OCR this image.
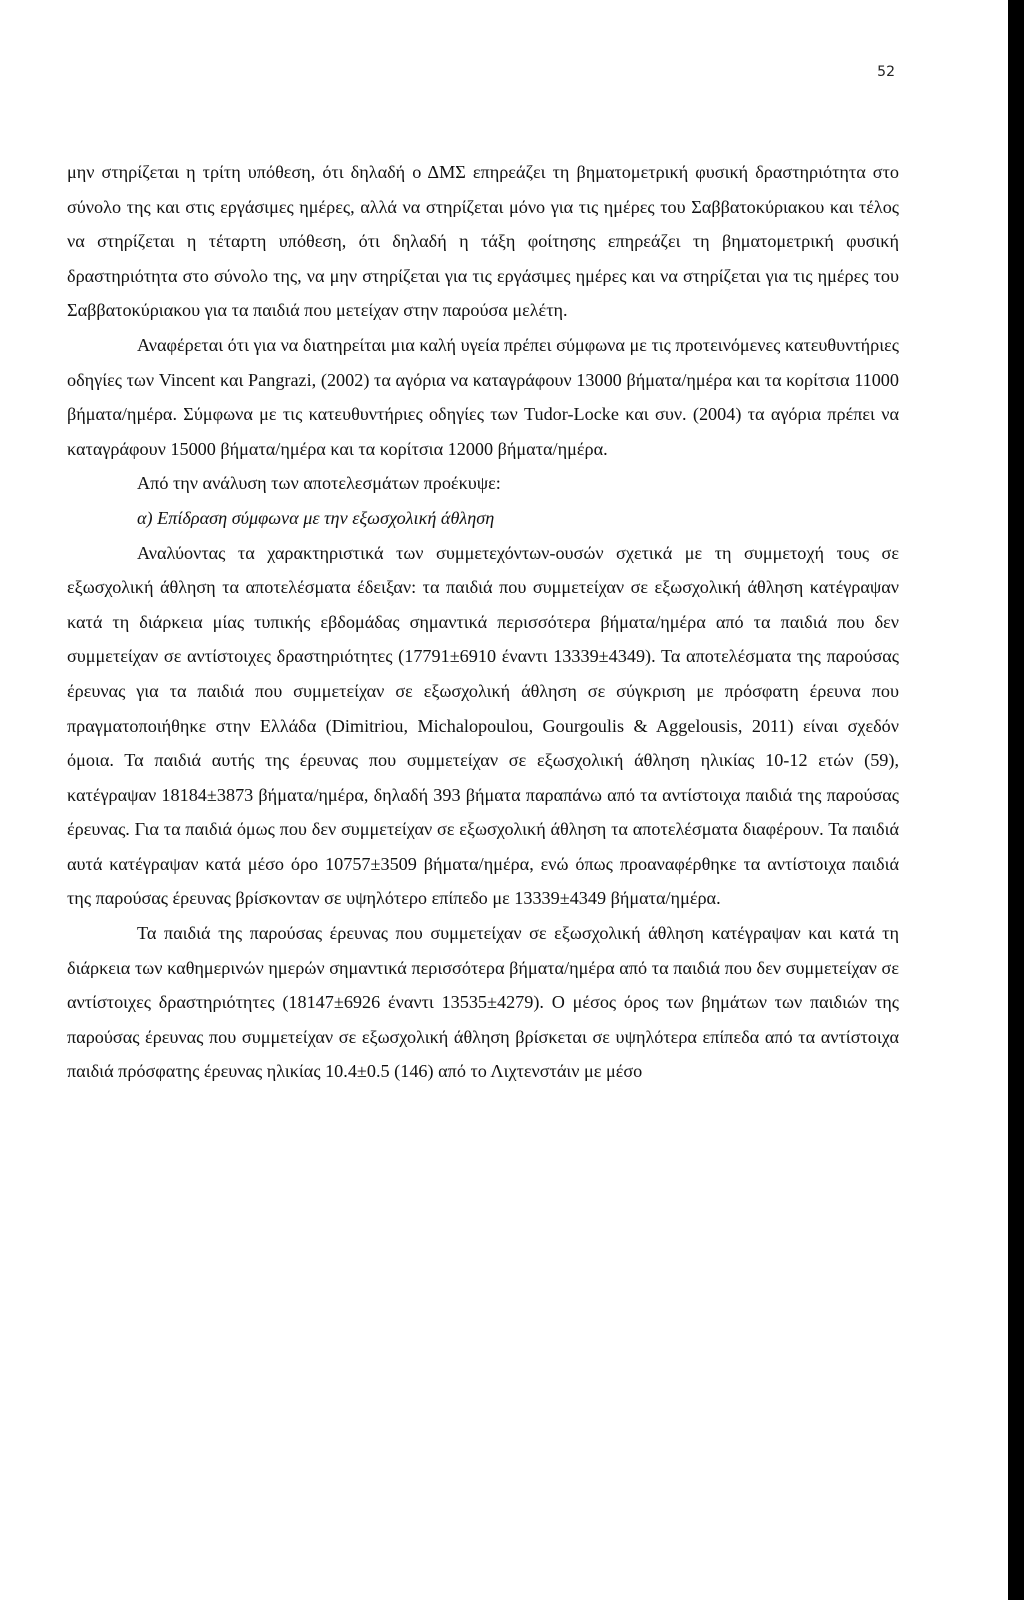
52

μην στηρίζεται η τρίτη υπόθεση, ότι δηλαδή ο ΔΜΣ επηρεάζει τη βηματομετρική φυσική δραστηριότητα στο σύνολο της και στις εργάσιμες ημέρες, αλλά να στηρίζεται μόνο για τις ημέρες του Σαββατοκύριακου και τέλος να στηρίζεται η τέταρτη υπόθεση, ότι δηλαδή η τάξη φοίτησης επηρεάζει τη βηματομετρική φυσική δραστηριότητα στο σύνολο της, να μην στηρίζεται για τις εργάσιμες ημέρες και να στηρίζεται για τις ημέρες του Σαββατοκύριακου για τα παιδιά που μετείχαν στην παρούσα μελέτη.

Αναφέρεται ότι για να διατηρείται μια καλή υγεία πρέπει σύμφωνα με τις προτεινόμενες κατευθυντήριες οδηγίες των Vincent και Pangrazi, (2002) τα αγόρια να καταγράφουν 13000 βήματα/ημέρα και τα κορίτσια 11000 βήματα/ημέρα. Σύμφωνα με τις κατευθυντήριες οδηγίες των Tudor-Locke και συν. (2004) τα αγόρια πρέπει να καταγράφουν 15000 βήματα/ημέρα και τα κορίτσια 12000 βήματα/ημέρα.

Από την ανάλυση των αποτελεσμάτων προέκυψε:

α) Επίδραση σύμφωνα με την εξωσχολική άθληση

Αναλύοντας τα χαρακτηριστικά των συμμετεχόντων-ουσών σχετικά με τη συμμετοχή τους σε εξωσχολική άθληση τα αποτελέσματα έδειξαν: τα παιδιά που συμμετείχαν σε εξωσχολική άθληση κατέγραψαν κατά τη διάρκεια μίας τυπικής εβδομάδας σημαντικά περισσότερα βήματα/ημέρα από τα παιδιά που δεν συμμετείχαν σε αντίστοιχες δραστηριότητες (17791±6910 έναντι 13339±4349). Τα αποτελέσματα της παρούσας έρευνας για τα παιδιά που συμμετείχαν σε εξωσχολική άθληση σε σύγκριση με πρόσφατη έρευνα που πραγματοποιήθηκε στην Ελλάδα (Dimitriou, Michalopoulou, Gourgoulis & Aggelousis, 2011) είναι σχεδόν όμοια. Τα παιδιά αυτής της έρευνας που συμμετείχαν σε εξωσχολική άθληση ηλικίας 10-12 ετών (59), κατέγραψαν 18184±3873 βήματα/ημέρα, δηλαδή 393 βήματα παραπάνω από τα αντίστοιχα παιδιά της παρούσας έρευνας. Για τα παιδιά όμως που δεν συμμετείχαν σε εξωσχολική άθληση τα αποτελέσματα διαφέρουν. Τα παιδιά αυτά κατέγραψαν κατά μέσο όρο 10757±3509 βήματα/ημέρα, ενώ όπως προαναφέρθηκε τα αντίστοιχα παιδιά της παρούσας έρευνας βρίσκονταν σε υψηλότερο επίπεδο με 13339±4349 βήματα/ημέρα.

Τα παιδιά της παρούσας έρευνας που συμμετείχαν σε εξωσχολική άθληση κατέγραψαν και κατά τη διάρκεια των καθημερινών ημερών σημαντικά περισσότερα βήματα/ημέρα από τα παιδιά που δεν συμμετείχαν σε αντίστοιχες δραστηριότητες (18147±6926 έναντι 13535±4279). Ο μέσος όρος των βημάτων των παιδιών της παρούσας έρευνας που συμμετείχαν σε εξωσχολική άθληση βρίσκεται σε υψηλότερα επίπεδα από τα αντίστοιχα παιδιά πρόσφατης έρευνας ηλικίας 10.4±0.5 (146) από το Λιχτενστάιν με μέσο
